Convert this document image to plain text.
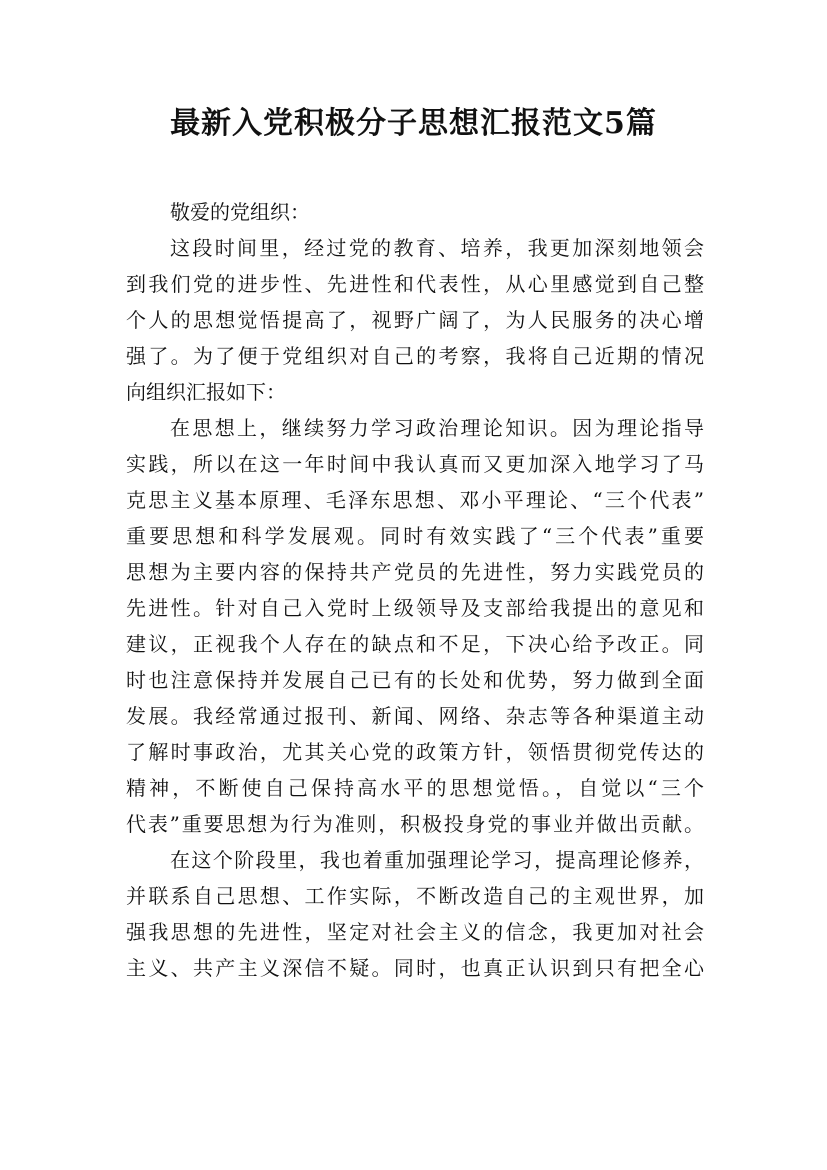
最新入党积极分子思想汇报范文5篇
敬爱的党组织：
这段时间里，经过党的教育、培养，我更加深刻地领会
到我们党的进步性、先进性和代表性，从心里感觉到自己整
个人的思想觉悟提高了，视野广阔了，为人民服务的决心增
强了。为了便于党组织对自己的考察，我将自己近期的情况
向组织汇报如下：
在思想上，继续努力学习政治理论知识。因为理论指导
实践，所以在这一年时间中我认真而又更加深入地学习了马
克思主义基本原理、毛泽东思想、邓小平理论、“三个代表”
重要思想和科学发展观。同时有效实践了“三个代表”重要
思想为主要内容的保持共产党员的先进性，努力实践党员的
先进性。针对自己入党时上级领导及支部给我提出的意见和
建议，正视我个人存在的缺点和不足，下决心给予改正。同
时也注意保持并发展自己已有的长处和优势，努力做到全面
发展。我经常通过报刊、新闻、网络、杂志等各种渠道主动
了解时事政治，尤其关心党的政策方针，领悟贯彻党传达的
精神，不断使自己保持高水平的思想觉悟。，自觉以“三个
代表”重要思想为行为准则，积极投身党的事业并做出贡献。
在这个阶段里，我也着重加强理论学习，提高理论修养，
并联系自己思想、工作实际，不断改造自己的主观世界，加
强我思想的先进性，坚定对社会主义的信念，我更加对社会
主义、共产主义深信不疑。同时，也真正认识到只有把全心
